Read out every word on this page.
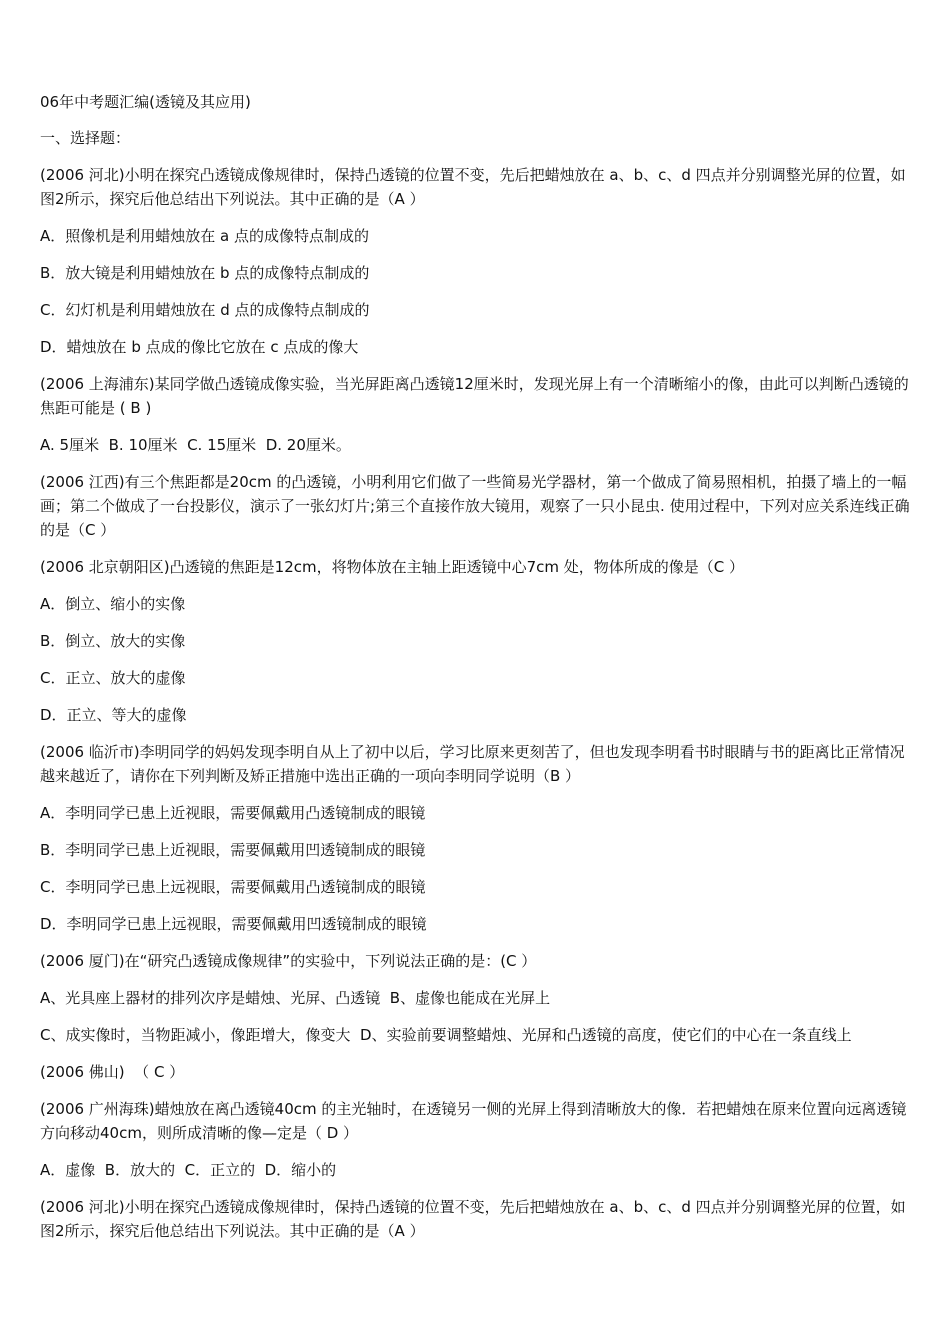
06年中考题汇编(透镜及其应用)

一、选择题：

(2006 河北)小明在探究凸透镜成像规律时，保持凸透镜的位置不变，先后把蜡烛放在 a、b、c、d 四点并分别调整光屏的位置，如图2所示，探究后他总结出下列说法。其中正确的是（A ）

A．照像机是利用蜡烛放在 a 点的成像特点制成的

B．放大镜是利用蜡烛放在 b 点的成像特点制成的

C．幻灯机是利用蜡烛放在 d 点的成像特点制成的

D．蜡烛放在 b 点成的像比它放在 c 点成的像大

(2006 上海浦东)某同学做凸透镜成像实验，当光屏距离凸透镜12厘米时，发现光屏上有一个清晰缩小的像，由此可以判断凸透镜的焦距可能是 ( B )

A. 5厘米  B. 10厘米  C. 15厘米  D. 20厘米。

(2006 江西)有三个焦距都是20cm 的凸透镜，小明利用它们做了一些简易光学器材，第一个做成了简易照相机，拍摄了墙上的一幅画；第二个做成了一台投影仪，演示了一张幻灯片;第三个直接作放大镜用，观察了一只小昆虫. 使用过程中，下列对应关系连线正确的是（C ）

(2006 北京朝阳区)凸透镜的焦距是12cm，将物体放在主轴上距透镜中心7cm 处，物体所成的像是（C ）

A．倒立、缩小的实像

B．倒立、放大的实像

C．正立、放大的虚像

D．正立、等大的虚像

(2006 临沂市)李明同学的妈妈发现李明自从上了初中以后，学习比原来更刻苦了，但也发现李明看书时眼睛与书的距离比正常情况越来越近了，请你在下列判断及矫正措施中选出正确的一项向李明同学说明（B ）

A．李明同学已患上近视眼，需要佩戴用凸透镜制成的眼镜

B．李明同学已患上近视眼，需要佩戴用凹透镜制成的眼镜

C．李明同学已患上远视眼，需要佩戴用凸透镜制成的眼镜

D．李明同学已患上远视眼，需要佩戴用凹透镜制成的眼镜

(2006 厦门)在“研究凸透镜成像规律”的实验中，下列说法正确的是：(C ）

A、光具座上器材的排列次序是蜡烛、光屏、凸透镜  B、虚像也能成在光屏上

C、成实像时，当物距减小，像距增大，像变大  D、实验前要调整蜡烛、光屏和凸透镜的高度，使它们的中心在一条直线上

(2006 佛山)  （ C ）

(2006 广州海珠)蜡烛放在离凸透镜40cm 的主光轴时，在透镜另一侧的光屏上得到清晰放大的像．若把蜡烛在原来位置向远离透镜方向移动40cm，则所成清晰的像—定是（ D ）

A．虚像  B．放大的  C．正立的  D．缩小的

(2006 河北)小明在探究凸透镜成像规律时，保持凸透镜的位置不变，先后把蜡烛放在 a、b、c、d 四点并分别调整光屏的位置，如图2所示，探究后他总结出下列说法。其中正确的是（A ）
